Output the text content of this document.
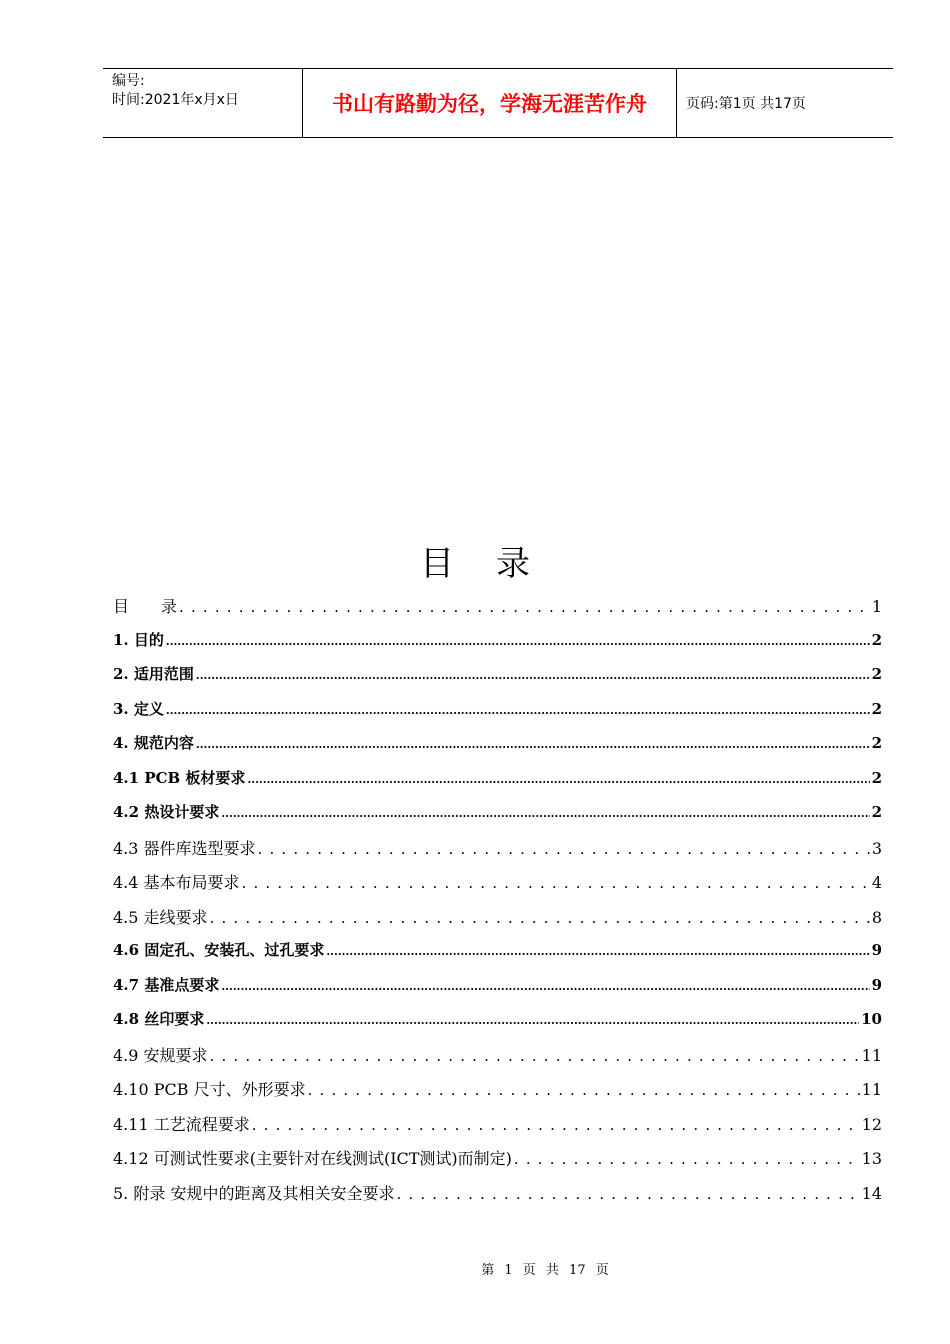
编号:
时间:2021年x月x日	书山有路勤为径，学海无涯苦作舟	页码:第1页 共17页
目录
目　　录 . . .	1
1. 目的 .....	2
2. 适用范围 .....	2
3. 定义 .....	2
4. 规范内容 .....	2
4.1 PCB 板材要求 .....	2
4.2 热设计要求 .....	2
4.3 器件库选型要求 . . .	3
4.4 基本布局要求 . . .	4
4.5 走线要求 . . .	8
4.6 固定孔、安装孔、过孔要求 .....	9
4.7 基准点要求 .....	9
4.8 丝印要求 .....	10
4.9 安规要求 . . .	11
4.10 PCB 尺寸、外形要求 . . .	11
4.11 工艺流程要求 . . .	12
4.12 可测试性要求(主要针对在线测试(ICT测试)而制定) . . .	13
5. 附录 安规中的距离及其相关安全要求 . . .	14
第 1 页 共 17 页
